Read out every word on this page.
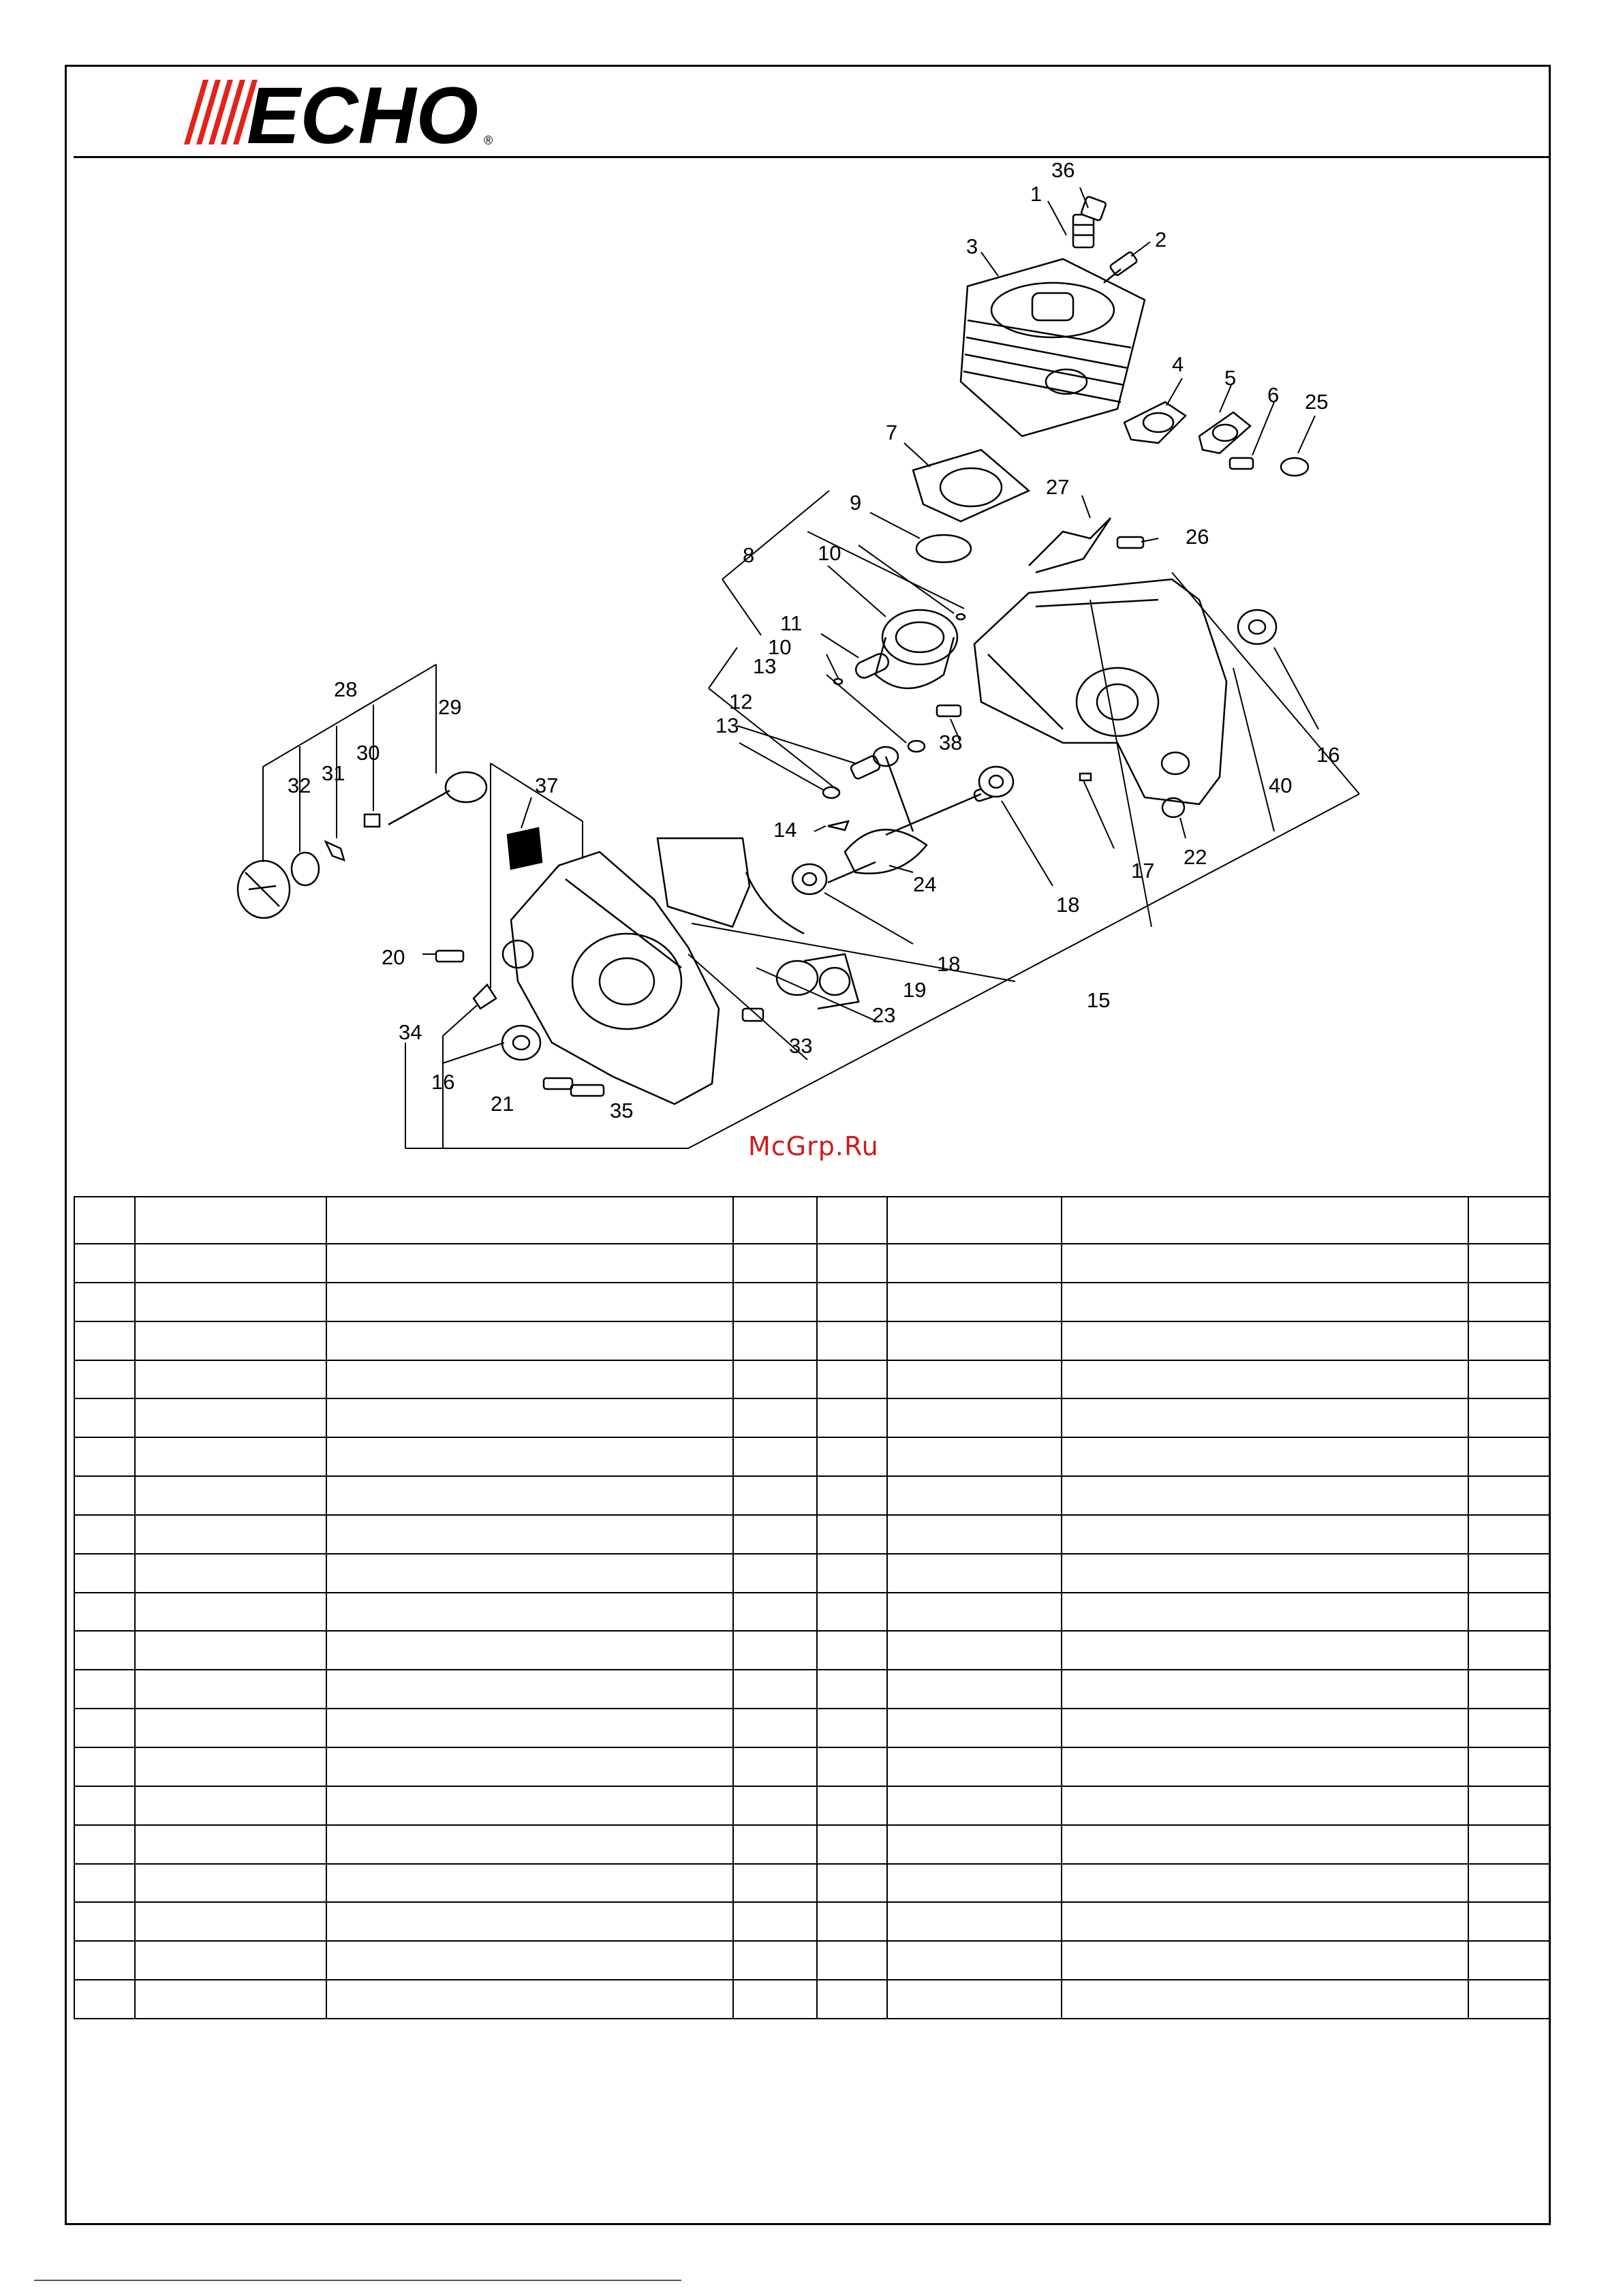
ECHO ®
36
1
2
3
4
5
6 25
7
27
26
9
10
8
11
10
13
12
13
38
16
40
14
24
18
17
22
28
29
30
31
32	37
20
19
23
18
15
34
16
33
21	35
McGrp.Ru
